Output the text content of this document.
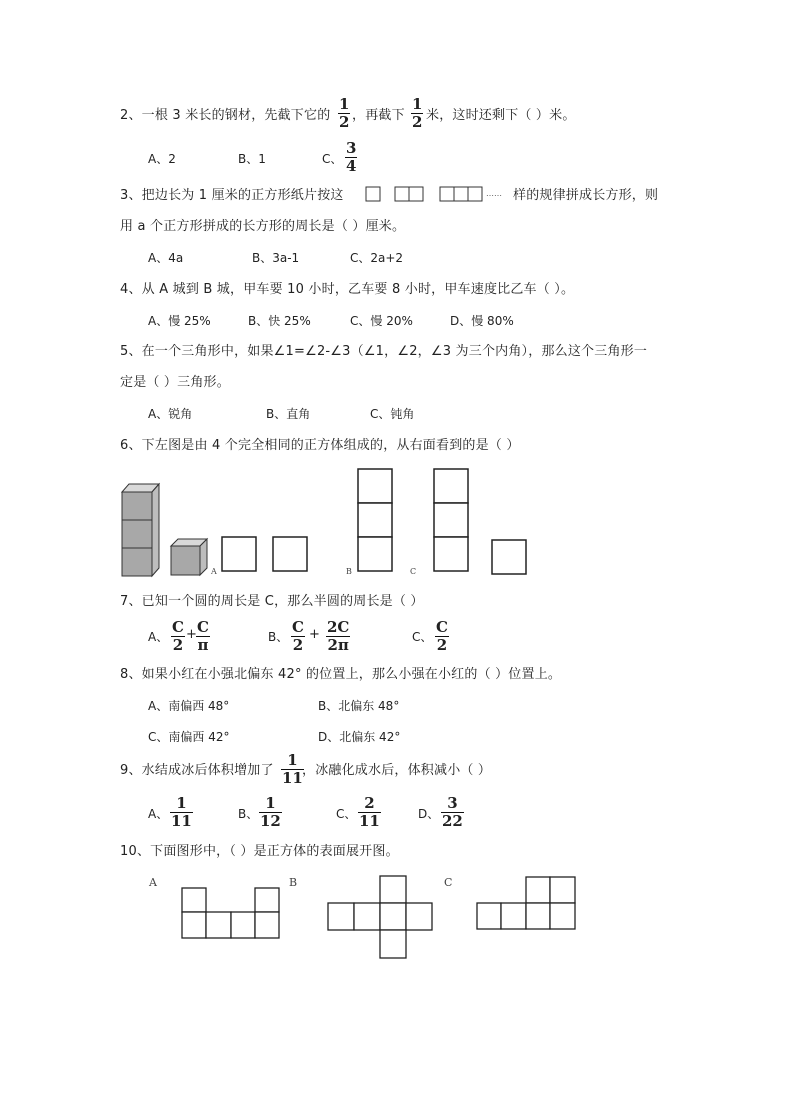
2、一根 3 米长的钢材，先截下它的
1
2 ，再截下
1
2 米，这时还剩下（ ）米。
A、2	B、1	C、
3
4
3、把边长为 1 厘米的正方形纸片按这	…… 样的规律拼成长方形，则
用 a 个正方形拼成的长方形的周长是（ ）厘米。
A、4a	B、3a-1	C、2a+2
4、从 A 城到 B 城，甲车要 10 小时，乙车要 8 小时，甲车速度比乙车（ ）。
A、慢 25%	B、快 25%	C、慢 20%	D、慢 80%
5、在一个三角形中，如果∠1=∠2-∠3（∠1，∠2，∠3 为三个内角），那么这个三角形一
定是（ ）三角形。
A、锐角	B、直角	C、钝角
6、下左图是由 4 个完全相同的正方体组成的，从右面看到的是（ ）
A	B	C
7、已知一个圆的周长是 C，那么半圆的周长是（ ）
A、
C
2
+ C
π	B、
C
2
+ 2C
2π	C、
C
2
8、如果小红在小强北偏东 42° 的位置上，那么小强在小红的（ ）位置上。
A、南偏西 48°	B、北偏东 48°
C、南偏西 42°	D、北偏东 42°
9、水结成冰后体积增加了
1
11 ，冰融化成水后，体积减小（ ）
A、
1
11	B、
1
12	C、
2
11	D、
3
22
10、下面图形中，（ ）是正方体的表面展开图。
A	B	C
